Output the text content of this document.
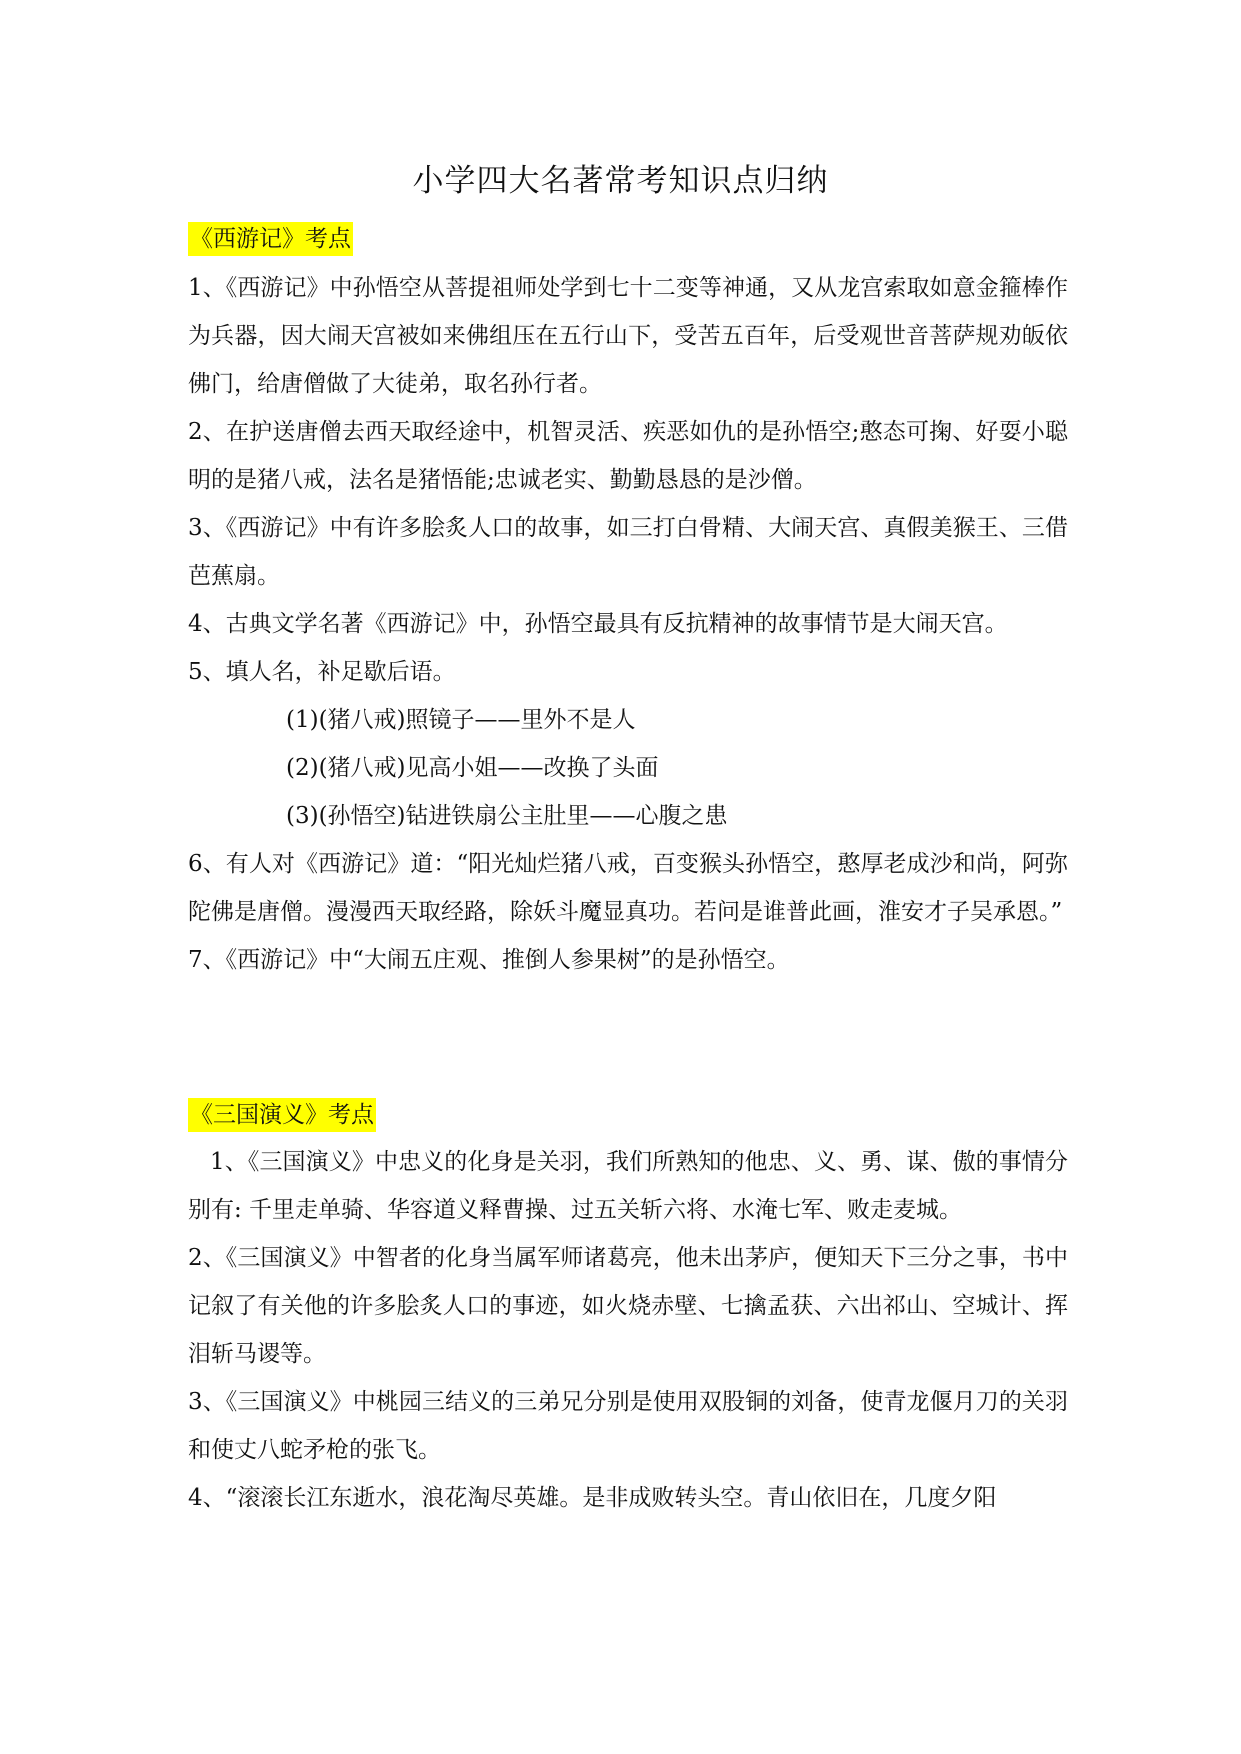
小学四大名著常考知识点归纳
《西游记》考点

1、《西游记》中孙悟空从菩提祖师处学到七十二变等神通，又从龙宫索取如意金箍棒作为兵器，因大闹天宫被如来佛组压在五行山下，受苦五百年，后受观世音菩萨规劝皈依佛门，给唐僧做了大徒弟，取名孙行者。

2、在护送唐僧去西天取经途中，机智灵活、疾恶如仇的是孙悟空;憨态可掬、好耍小聪明的是猪八戒，法名是猪悟能;忠诚老实、勤勤恳恳的是沙僧。

3、《西游记》中有许多脍炙人口的故事，如三打白骨精、大闹天宫、真假美猴王、三借芭蕉扇。

4、古典文学名著《西游记》中，孙悟空最具有反抗精神的故事情节是大闹天宫。

5、填人名，补足歇后语。

(1)(猪八戒)照镜子——里外不是人

(2)(猪八戒)见高小姐——改换了头面

(3)(孙悟空)钻进铁扇公主肚里——心腹之患

6、有人对《西游记》道：“阳光灿烂猪八戒，百变猴头孙悟空，憨厚老成沙和尚，阿弥陀佛是唐僧。漫漫西天取经路，除妖斗魔显真功。若问是谁普此画，淮安才子吴承恩。”

7、《西游记》中“大闹五庄观、推倒人参果树”的是孙悟空。

《三国演义》考点

1、《三国演义》中忠义的化身是关羽，我们所熟知的他忠、义、勇、谋、傲的事情分别有: 千里走单骑、华容道义释曹操、过五关斩六将、水淹七军、败走麦城。

2、《三国演义》中智者的化身当属军师诸葛亮，他未出茅庐，便知天下三分之事，书中记叙了有关他的许多脍炙人口的事迹，如火烧赤壁、七擒孟获、六出祁山、空城计、挥泪斩马谡等。

3、《三国演义》中桃园三结义的三弟兄分别是使用双股铜的刘备，使青龙偃月刀的关羽和使丈八蛇矛枪的张飞。

4、“滚滚长江东逝水，浪花淘尽英雄。是非成败转头空。青山依旧在，几度夕阳
